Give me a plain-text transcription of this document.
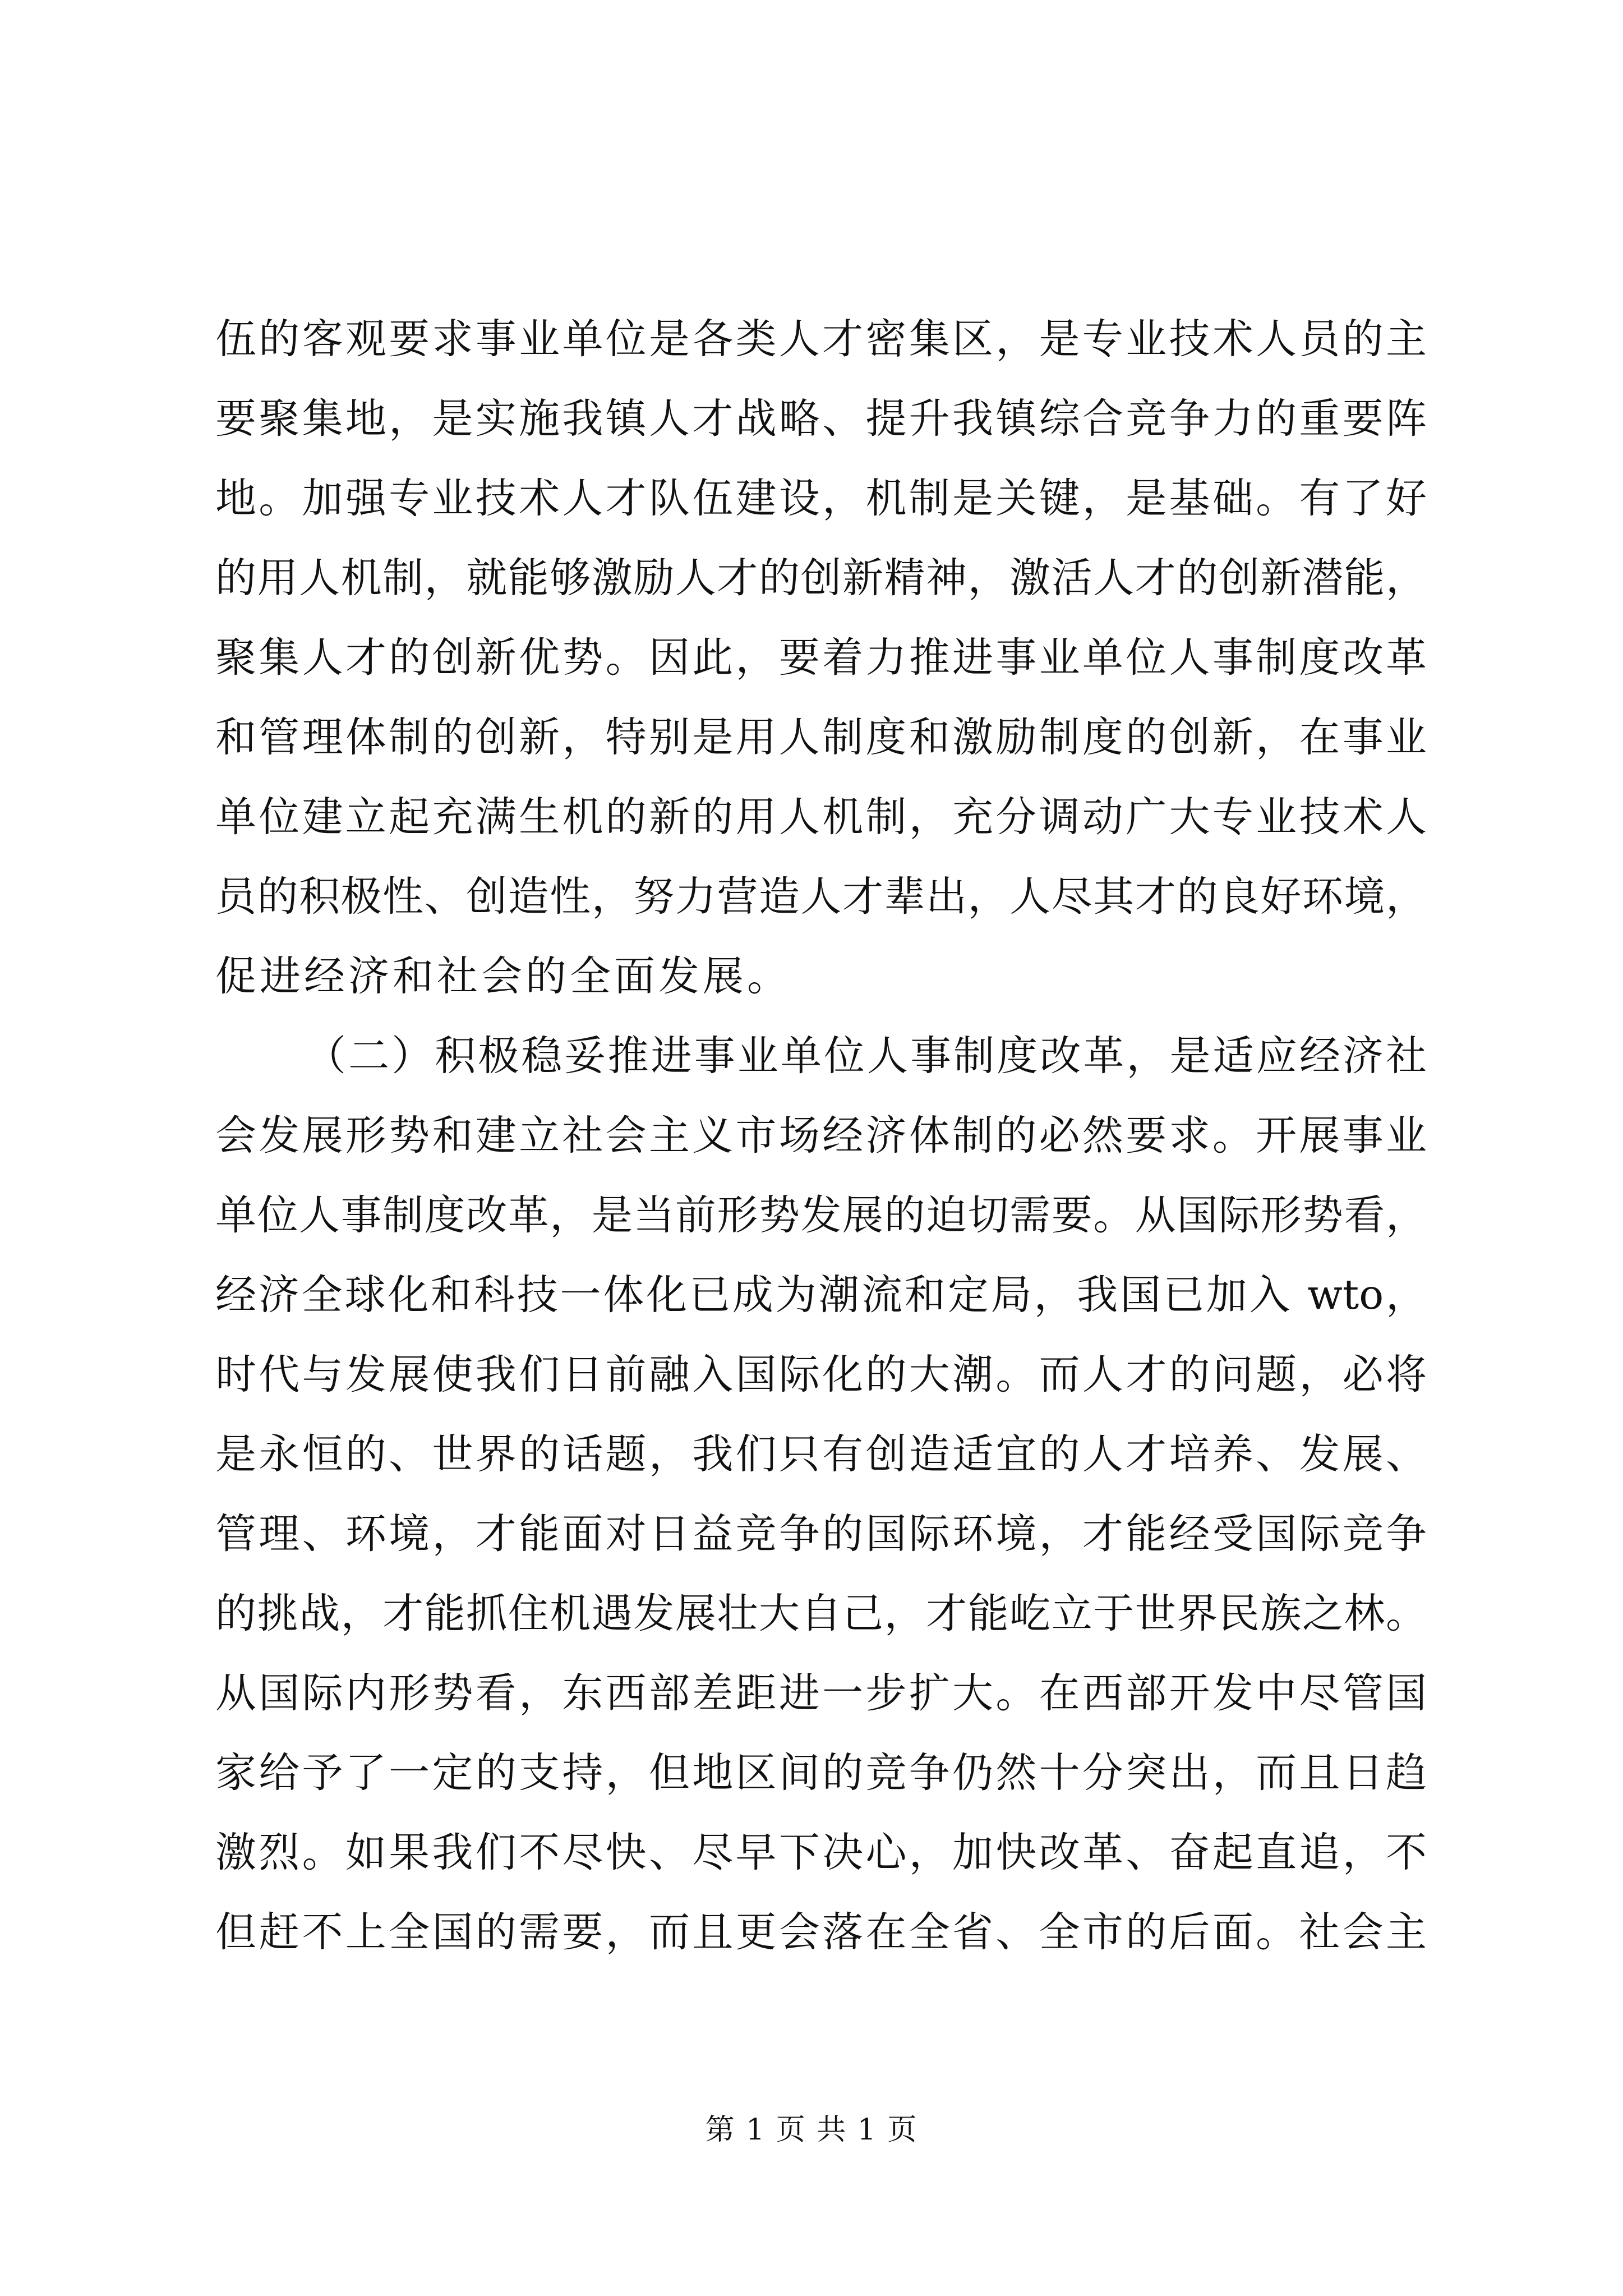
伍的客观要求事业单位是各类人才密集区，是专业技术人员的主
要聚集地，是实施我镇人才战略、提升我镇综合竞争力的重要阵
地。加强专业技术人才队伍建设，机制是关键，是基础。有了好
的用人机制，就能够激励人才的创新精神，激活人才的创新潜能，
聚集人才的创新优势。因此，要着力推进事业单位人事制度改革
和管理体制的创新，特别是用人制度和激励制度的创新，在事业
单位建立起充满生机的新的用人机制，充分调动广大专业技术人
员的积极性、创造性，努力营造人才辈出，人尽其才的良好环境，
促进经济和社会的全面发展。
（二）积极稳妥推进事业单位人事制度改革，是适应经济社
会发展形势和建立社会主义市场经济体制的必然要求。开展事业
单位人事制度改革，是当前形势发展的迫切需要。从国际形势看，
经济全球化和科技一体化已成为潮流和定局，我国已加入 wto，
时代与发展使我们日前融入国际化的大潮。而人才的问题，必将
是永恒的、世界的话题，我们只有创造适宜的人才培养、发展、
管理、环境，才能面对日益竞争的国际环境，才能经受国际竞争
的挑战，才能抓住机遇发展壮大自己，才能屹立于世界民族之林。
从国际内形势看，东西部差距进一步扩大。在西部开发中尽管国
家给予了一定的支持，但地区间的竞争仍然十分突出，而且日趋
激烈。如果我们不尽快、尽早下决心，加快改革、奋起直追，不
但赶不上全国的需要，而且更会落在全省、全市的后面。社会主
第 1 页 共 1 页
